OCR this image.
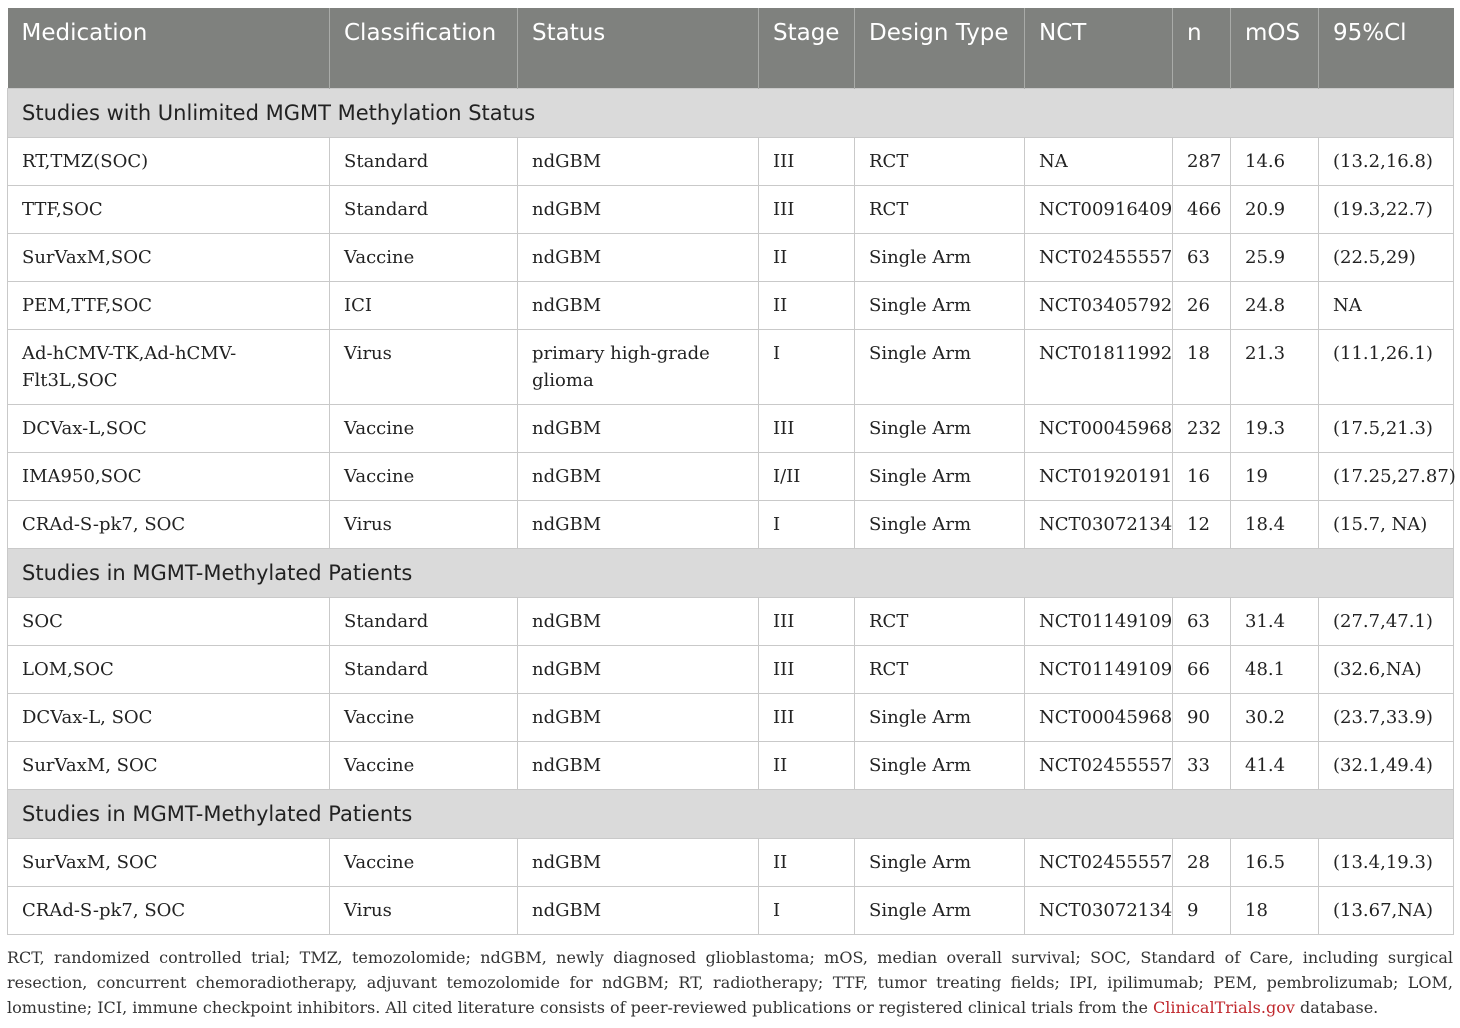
Medication	Classification	Status	Stage	Design Type	NCT	n	mOS	95%Cl
Studies with Unlimited MGMT Methylation Status								
RT,TMZ(SOC)	Standard	ndGBM	III	RCT	NA	287	14.6	(13.2,16.8)
TTF,SOC	Standard	ndGBM	III	RCT	NCT00916409	466	20.9	(19.3,22.7)
SurVaxM,SOC	Vaccine	ndGBM	II	Single Arm	NCT02455557	63	25.9	(22.5,29)
PEM,TTF,SOC	ICI	ndGBM	II	Single Arm	NCT03405792	26	24.8	NA
Ad-hCMV-TK,Ad-hCMV-Flt3L,SOC	Virus	primary high-grade glioma	I	Single Arm	NCT01811992	18	21.3	(11.1,26.1)
DCVax-L,SOC	Vaccine	ndGBM	III	Single Arm	NCT00045968	232	19.3	(17.5,21.3)
IMA950,SOC	Vaccine	ndGBM	I/II	Single Arm	NCT01920191	16	19	(17.25,27.87)
CRAd-S-pk7, SOC	Virus	ndGBM	I	Single Arm	NCT03072134	12	18.4	(15.7, NA)
Studies in MGMT-Methylated Patients								
SOC	Standard	ndGBM	III	RCT	NCT01149109	63	31.4	(27.7,47.1)
LOM,SOC	Standard	ndGBM	III	RCT	NCT01149109	66	48.1	(32.6,NA)
DCVax-L, SOC	Vaccine	ndGBM	III	Single Arm	NCT00045968	90	30.2	(23.7,33.9)
SurVaxM, SOC	Vaccine	ndGBM	II	Single Arm	NCT02455557	33	41.4	(32.1,49.4)
Studies in MGMT-Methylated Patients								
SurVaxM, SOC	Vaccine	ndGBM	II	Single Arm	NCT02455557	28	16.5	(13.4,19.3)
CRAd-S-pk7, SOC	Virus	ndGBM	I	Single Arm	NCT03072134	9	18	(13.67,NA)
RCT, randomized controlled trial; TMZ, temozolomide; ndGBM, newly diagnosed glioblastoma; mOS, median overall survival; SOC, Standard of Care, including surgical resection, concurrent chemoradiotherapy, adjuvant temozolomide for ndGBM; RT, radiotherapy; TTF, tumor treating fields; IPI, ipilimumab; PEM, pembrolizumab; LOM, lomustine; ICI, immune checkpoint inhibitors. All cited literature consists of peer-reviewed publications or registered clinical trials from the ClinicalTrials.gov database.
